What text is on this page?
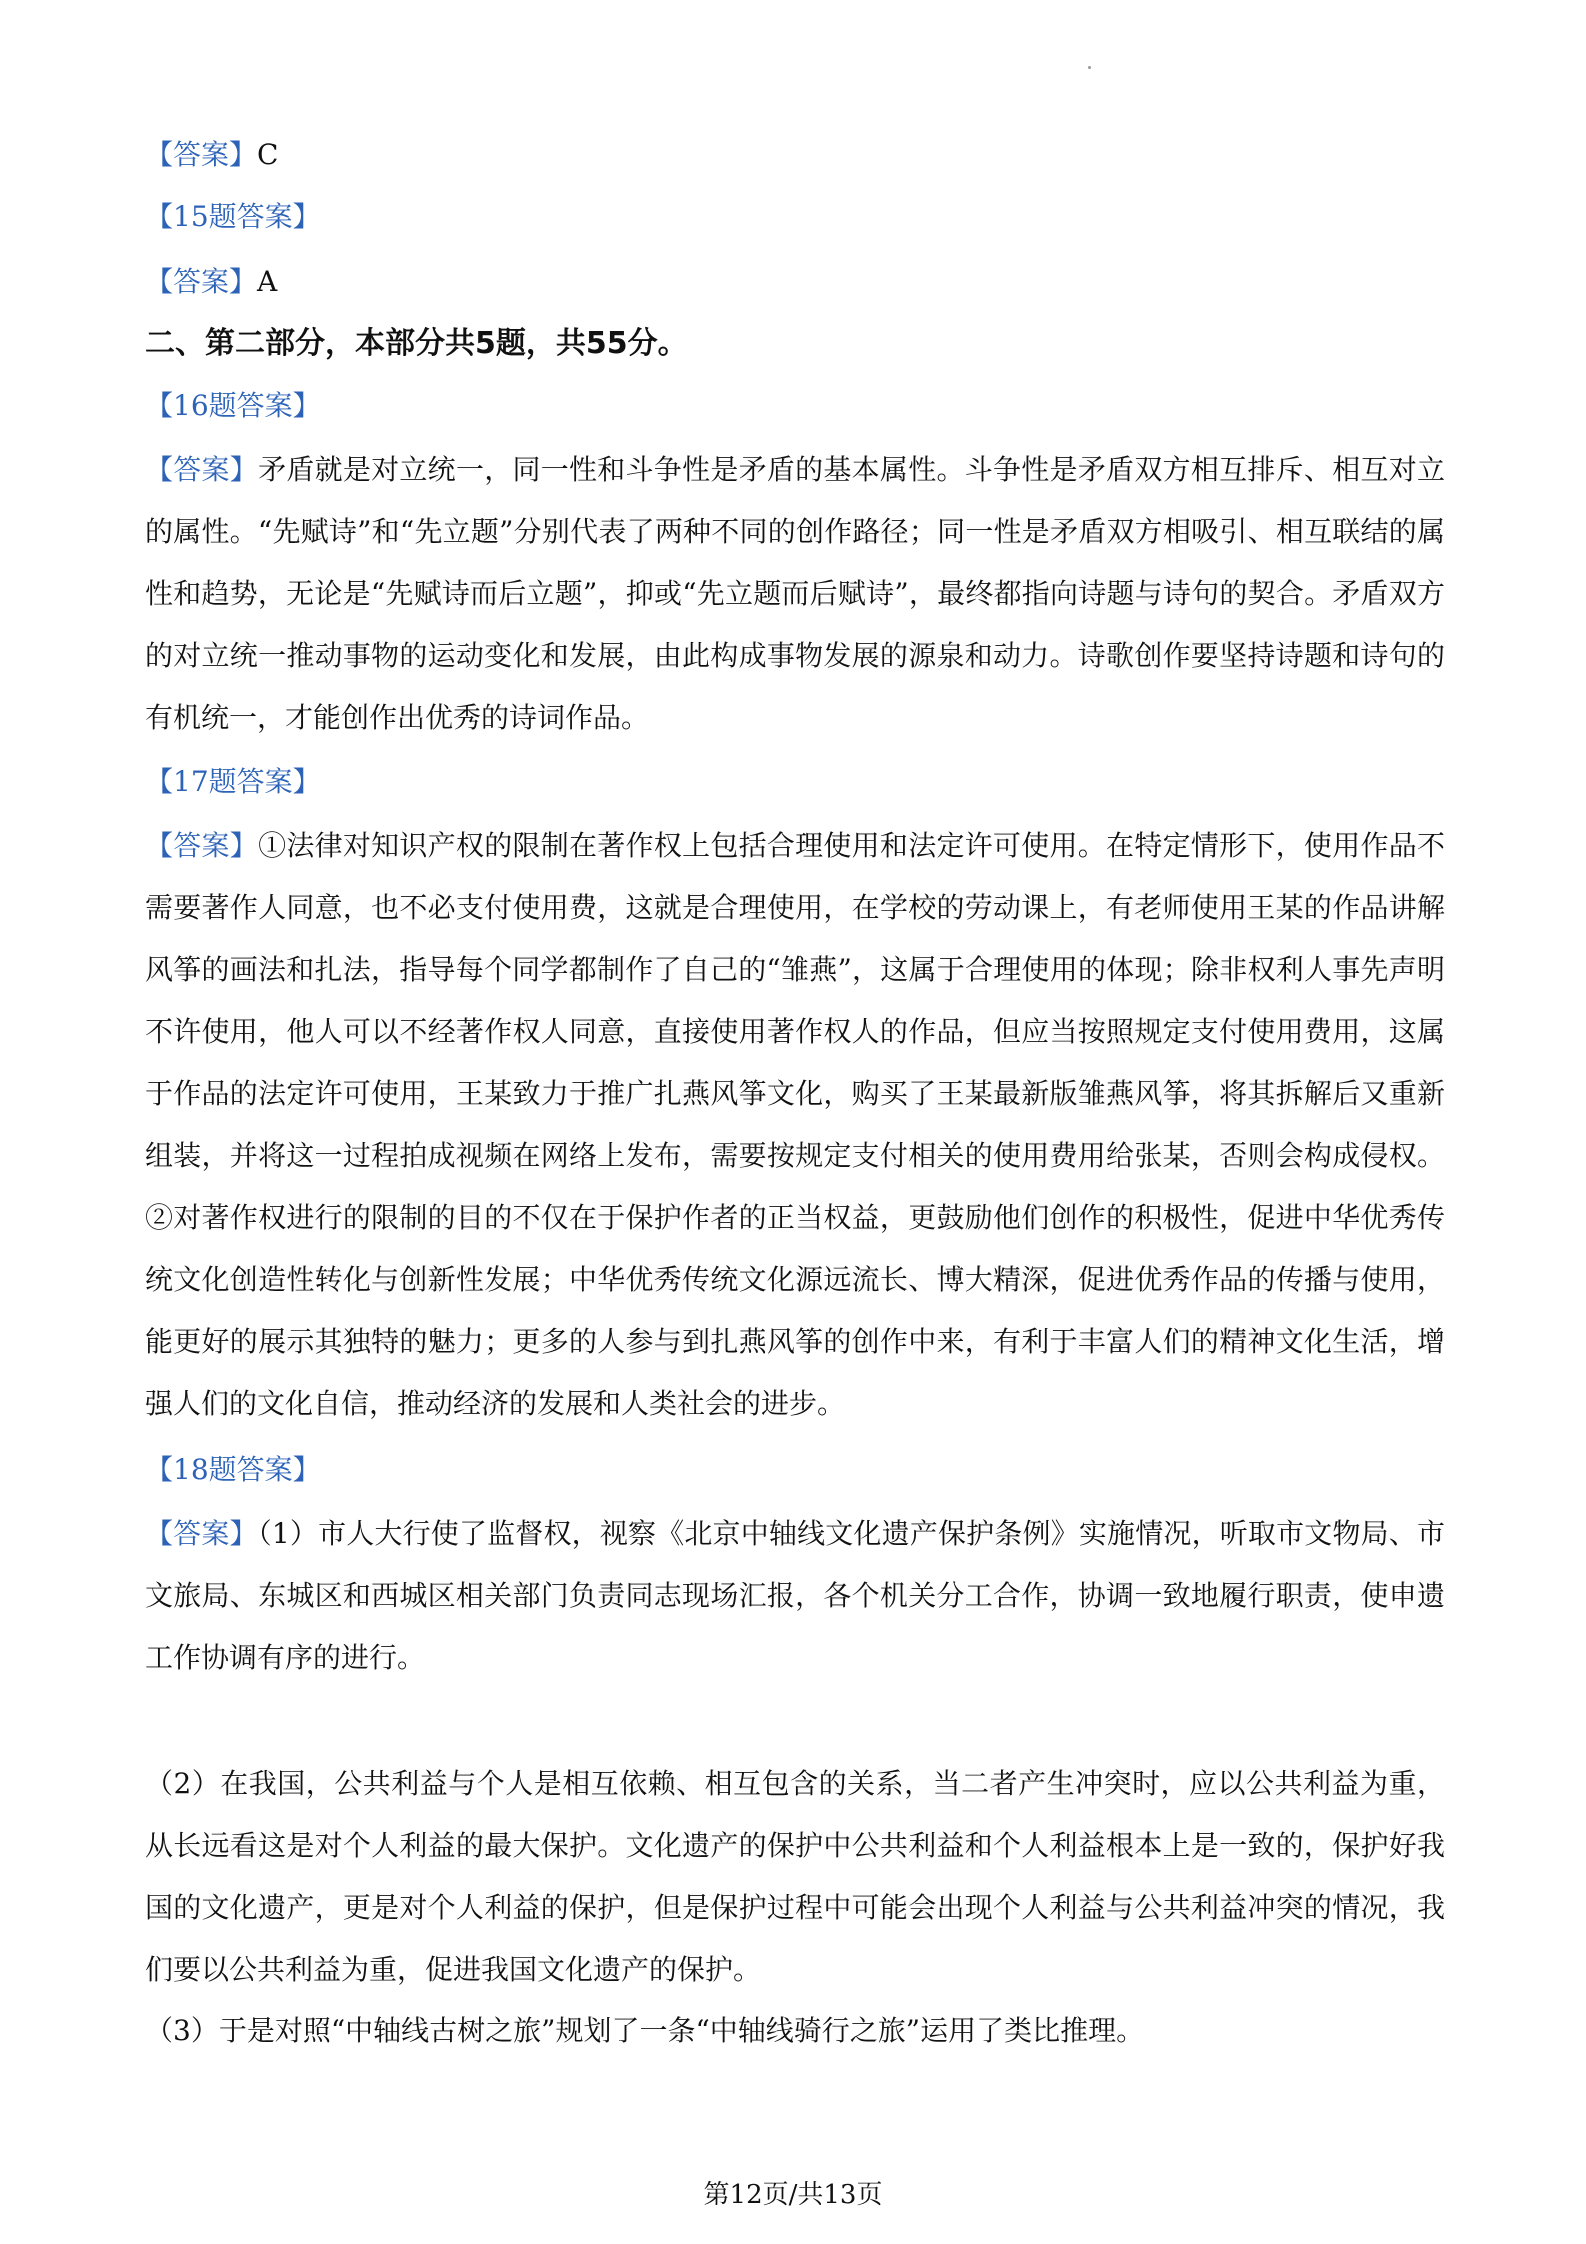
【答案】C
【15题答案】
【答案】A
二、第二部分，本部分共5题，共55分。
【16题答案】
【答案】矛盾就是对立统一，同一性和斗争性是矛盾的基本属性。斗争性是矛盾双方相互排斥、相互对立的属性。“先赋诗”和“先立题”分别代表了两种不同的创作路径；同一性是矛盾双方相吸引、相互联结的属性和趋势，无论是“先赋诗而后立题”，抑或“先立题而后赋诗”，最终都指向诗题与诗句的契合。矛盾双方的对立统一推动事物的运动变化和发展，由此构成事物发展的源泉和动力。诗歌创作要坚持诗题和诗句的有机统一，才能创作出优秀的诗词作品。
【17题答案】
【答案】①法律对知识产权的限制在著作权上包括合理使用和法定许可使用。在特定情形下，使用作品不需要著作人同意，也不必支付使用费，这就是合理使用，在学校的劳动课上，有老师使用王某的作品讲解风筝的画法和扎法，指导每个同学都制作了自己的“雏燕”，这属于合理使用的体现；除非权利人事先声明不许使用，他人可以不经著作权人同意，直接使用著作权人的作品，但应当按照规定支付使用费用，这属于作品的法定许可使用，王某致力于推广扎燕风筝文化，购买了王某最新版雏燕风筝，将其拆解后又重新组装，并将这一过程拍成视频在网络上发布，需要按规定支付相关的使用费用给张某，否则会构成侵权。②对著作权进行的限制的目的不仅在于保护作者的正当权益，更鼓励他们创作的积极性，促进中华优秀传统文化创造性转化与创新性发展；中华优秀传统文化源远流长、博大精深，促进优秀作品的传播与使用，能更好的展示其独特的魅力；更多的人参与到扎燕风筝的创作中来，有利于丰富人们的精神文化生活，增强人们的文化自信，推动经济的发展和人类社会的进步。
【18题答案】
【答案】（1）市人大行使了监督权，视察《北京中轴线文化遗产保护条例》实施情况，听取市文物局、市文旅局、东城区和西城区相关部门负责同志现场汇报，各个机关分工合作，协调一致地履行职责，使申遗工作协调有序的进行。
（2）在我国，公共利益与个人是相互依赖、相互包含的关系，当二者产生冲突时，应以公共利益为重，从长远看这是对个人利益的最大保护。文化遗产的保护中公共利益和个人利益根本上是一致的，保护好我国的文化遗产，更是对个人利益的保护，但是保护过程中可能会出现个人利益与公共利益冲突的情况，我们要以公共利益为重，促进我国文化遗产的保护。
（3）于是对照“中轴线古树之旅”规划了一条“中轴线骑行之旅”运用了类比推理。
第12页/共13页
